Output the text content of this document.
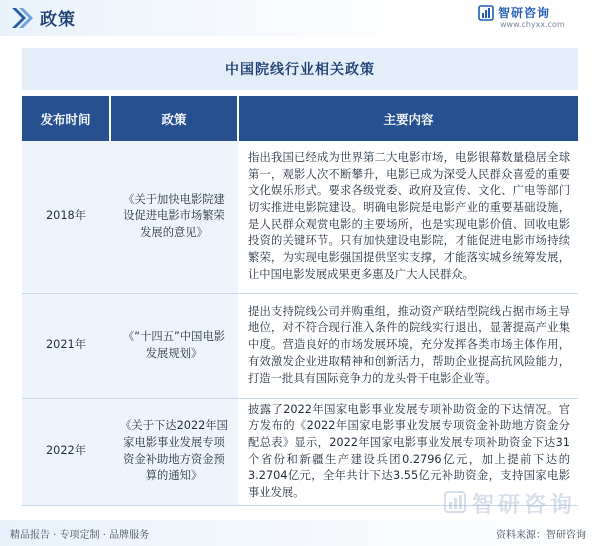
政策	智研咨询
www.chyxx.com
中国院线行业相关政策
发布时间	政策	主要内容
2018年	《关于加快电影院建设促进电影市场繁荣发展的意见》	指出我国已经成为世界第二大电影市场，电影银幕数量稳居全球第一，观影人次不断攀升，电影已成为深受人民群众喜爱的重要文化娱乐形式。要求各级党委、政府及宣传、文化、广电等部门切实推进电影院建设。明确电影院是电影产业的重要基础设施，是人民群众观赏电影的主要场所，也是实现电影价值、回收电影投资的关键环节。只有加快建设电影院，才能促进电影市场持续繁荣，为实现电影强国提供坚实支撑，才能落实城乡统筹发展，让中国电影发展成果更多惠及广大人民群众。
2021年	《“十四五”中国电影发展规划》	提出支持院线公司并购重组，推动资产联结型院线占据市场主导地位，对不符合现行准入条件的院线实行退出，显著提高产业集中度。营造良好的市场发展环境，充分发挥各类市场主体作用，有效激发企业进取精神和创新活力，帮助企业提高抗风险能力，打造一批具有国际竞争力的龙头骨干电影企业等。
2022年	《关于下达2022年国家电影事业发展专项资金补助地方资金预算的通知》	披露了2022年国家电影事业发展专项补助资金的下达情况。官方发布的《2022年国家电影事业发展专项资金补助地方资金分配总表》显示，2022年国家电影事业发展专项补助资金下达31个省份和新疆生产建设兵团0.2796亿元，加上提前下达的3.2704亿元，全年共计下达3.55亿元补助资金，支持国家电影事业发展。
智研咨询
精品报告 · 专项定制 · 品牌服务	资料来源：智研咨询
